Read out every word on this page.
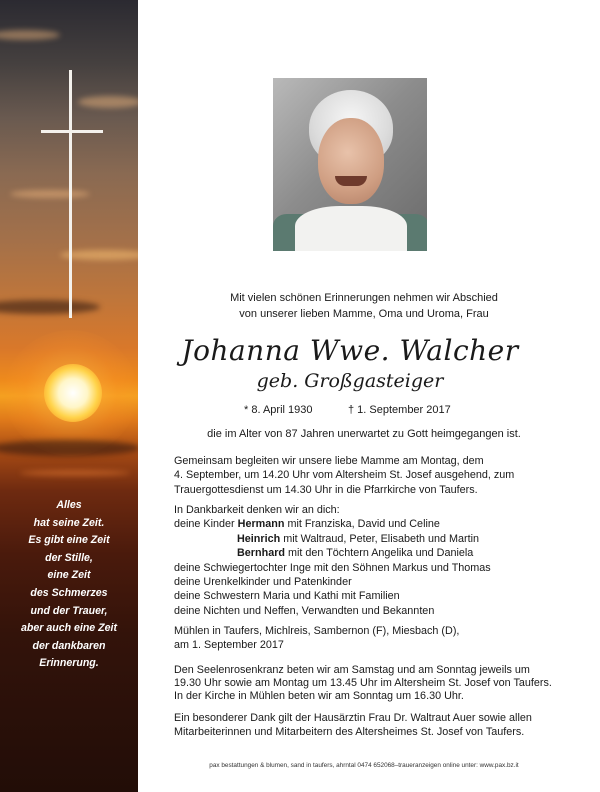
Alles
hat seine Zeit.
Es gibt eine Zeit
der Stille,
eine Zeit
des Schmerzes
und der Trauer,
aber auch eine Zeit
der dankbaren
Erinnerung.
Mit vielen schönen Erinnerungen nehmen wir Abschied
von unserer lieben Mamme, Oma und Uroma, Frau
Johanna Wwe. Walcher
geb. Großgasteiger
* 8. April 1930	† 1. September 2017
die im Alter von 87 Jahren unerwartet zu Gott heimgegangen ist.
Gemeinsam begleiten wir unsere liebe Mamme am Montag, dem
4. September, um 14.20 Uhr vom Altersheim St. Josef ausgehend, zum
Trauergottesdienst um 14.30 Uhr in die Pfarrkirche von Taufers.
In Dankbarkeit denken wir an dich:
deine Kinder Hermann mit Franziska, David und Celine
Heinrich mit Waltraud, Peter, Elisabeth und Martin
Bernhard mit den Töchtern Angelika und Daniela
deine Schwiegertochter Inge mit den Söhnen Markus und Thomas
deine Urenkelkinder und Patenkinder
deine Schwestern Maria und Kathi mit Familien
deine Nichten und Neffen, Verwandten und Bekannten
Mühlen in Taufers, Michlreis, Sambernon (F), Miesbach (D),
am 1. September 2017
Den Seelenrosenkranz beten wir am Samstag und am Sonntag jeweils um
19.30 Uhr sowie am Montag um 13.45 Uhr im Altersheim St. Josef von Taufers.
In der Kirche in Mühlen beten wir am Sonntag um 16.30 Uhr.
Ein besonderer Dank gilt der Hausärztin Frau Dr. Waltraut Auer sowie allen
Mitarbeiterinnen und Mitarbeitern des Altersheimes St. Josef von Taufers.
pax bestattungen & blumen, sand in taufers, ahrntal 0474 652068–traueranzeigen online unter: www.pax.bz.it
